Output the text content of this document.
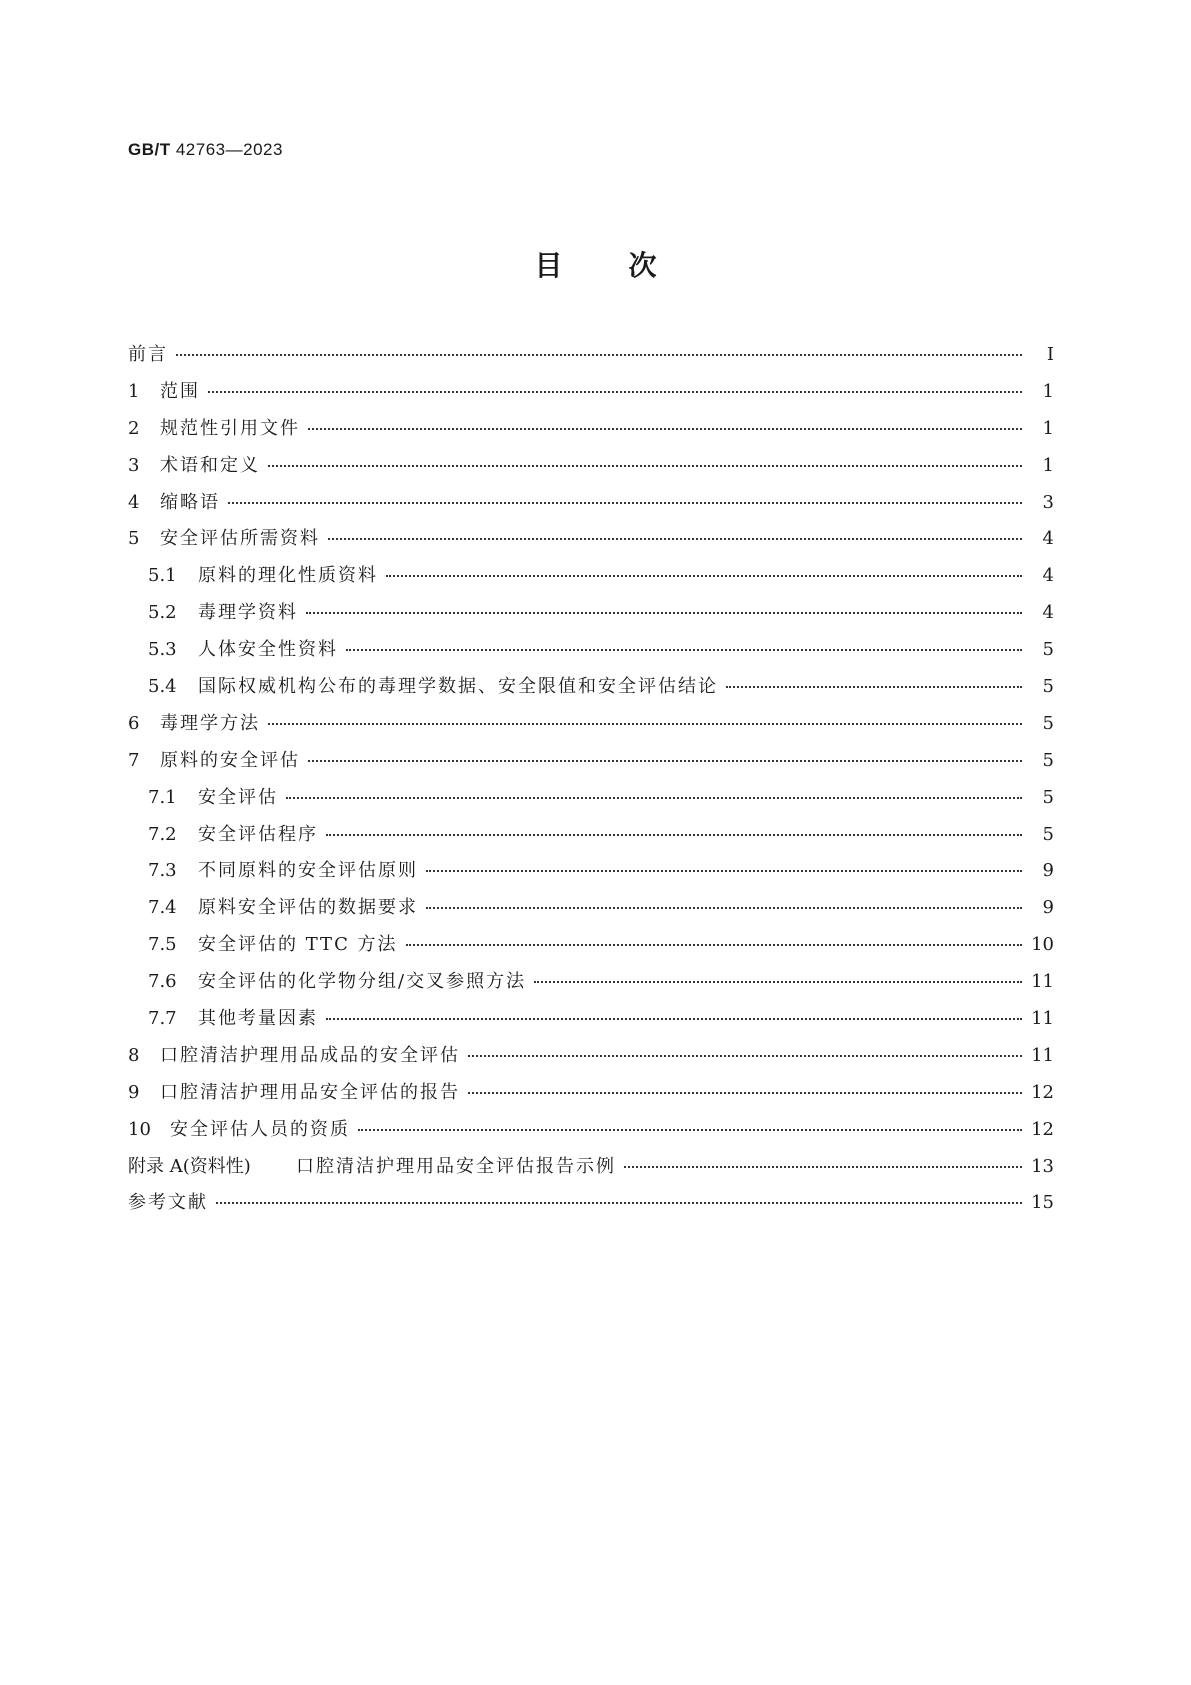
GB/T 42763—2023
目 次
前言	Ⅰ
1	范围	1
2	规范性引用文件	1
3	术语和定义	1
4	缩略语	3
5	安全评估所需资料	4
5.1	原料的理化性质资料	4
5.2	毒理学资料	4
5.3	人体安全性资料	5
5.4	国际权威机构公布的毒理学数据、安全限值和安全评估结论	5
6	毒理学方法	5
7	原料的安全评估	5
7.1	安全评估	5
7.2	安全评估程序	5
7.3	不同原料的安全评估原则	9
7.4	原料安全评估的数据要求	9
7.5	安全评估的 TTC 方法	10
7.6	安全评估的化学物分组/交叉参照方法	11
7.7	其他考量因素	11
8	口腔清洁护理用品成品的安全评估	11
9	口腔清洁护理用品安全评估的报告	12
10	安全评估人员的资质	12
附录 A(资料性)	口腔清洁护理用品安全评估报告示例	13
参考文献	15
